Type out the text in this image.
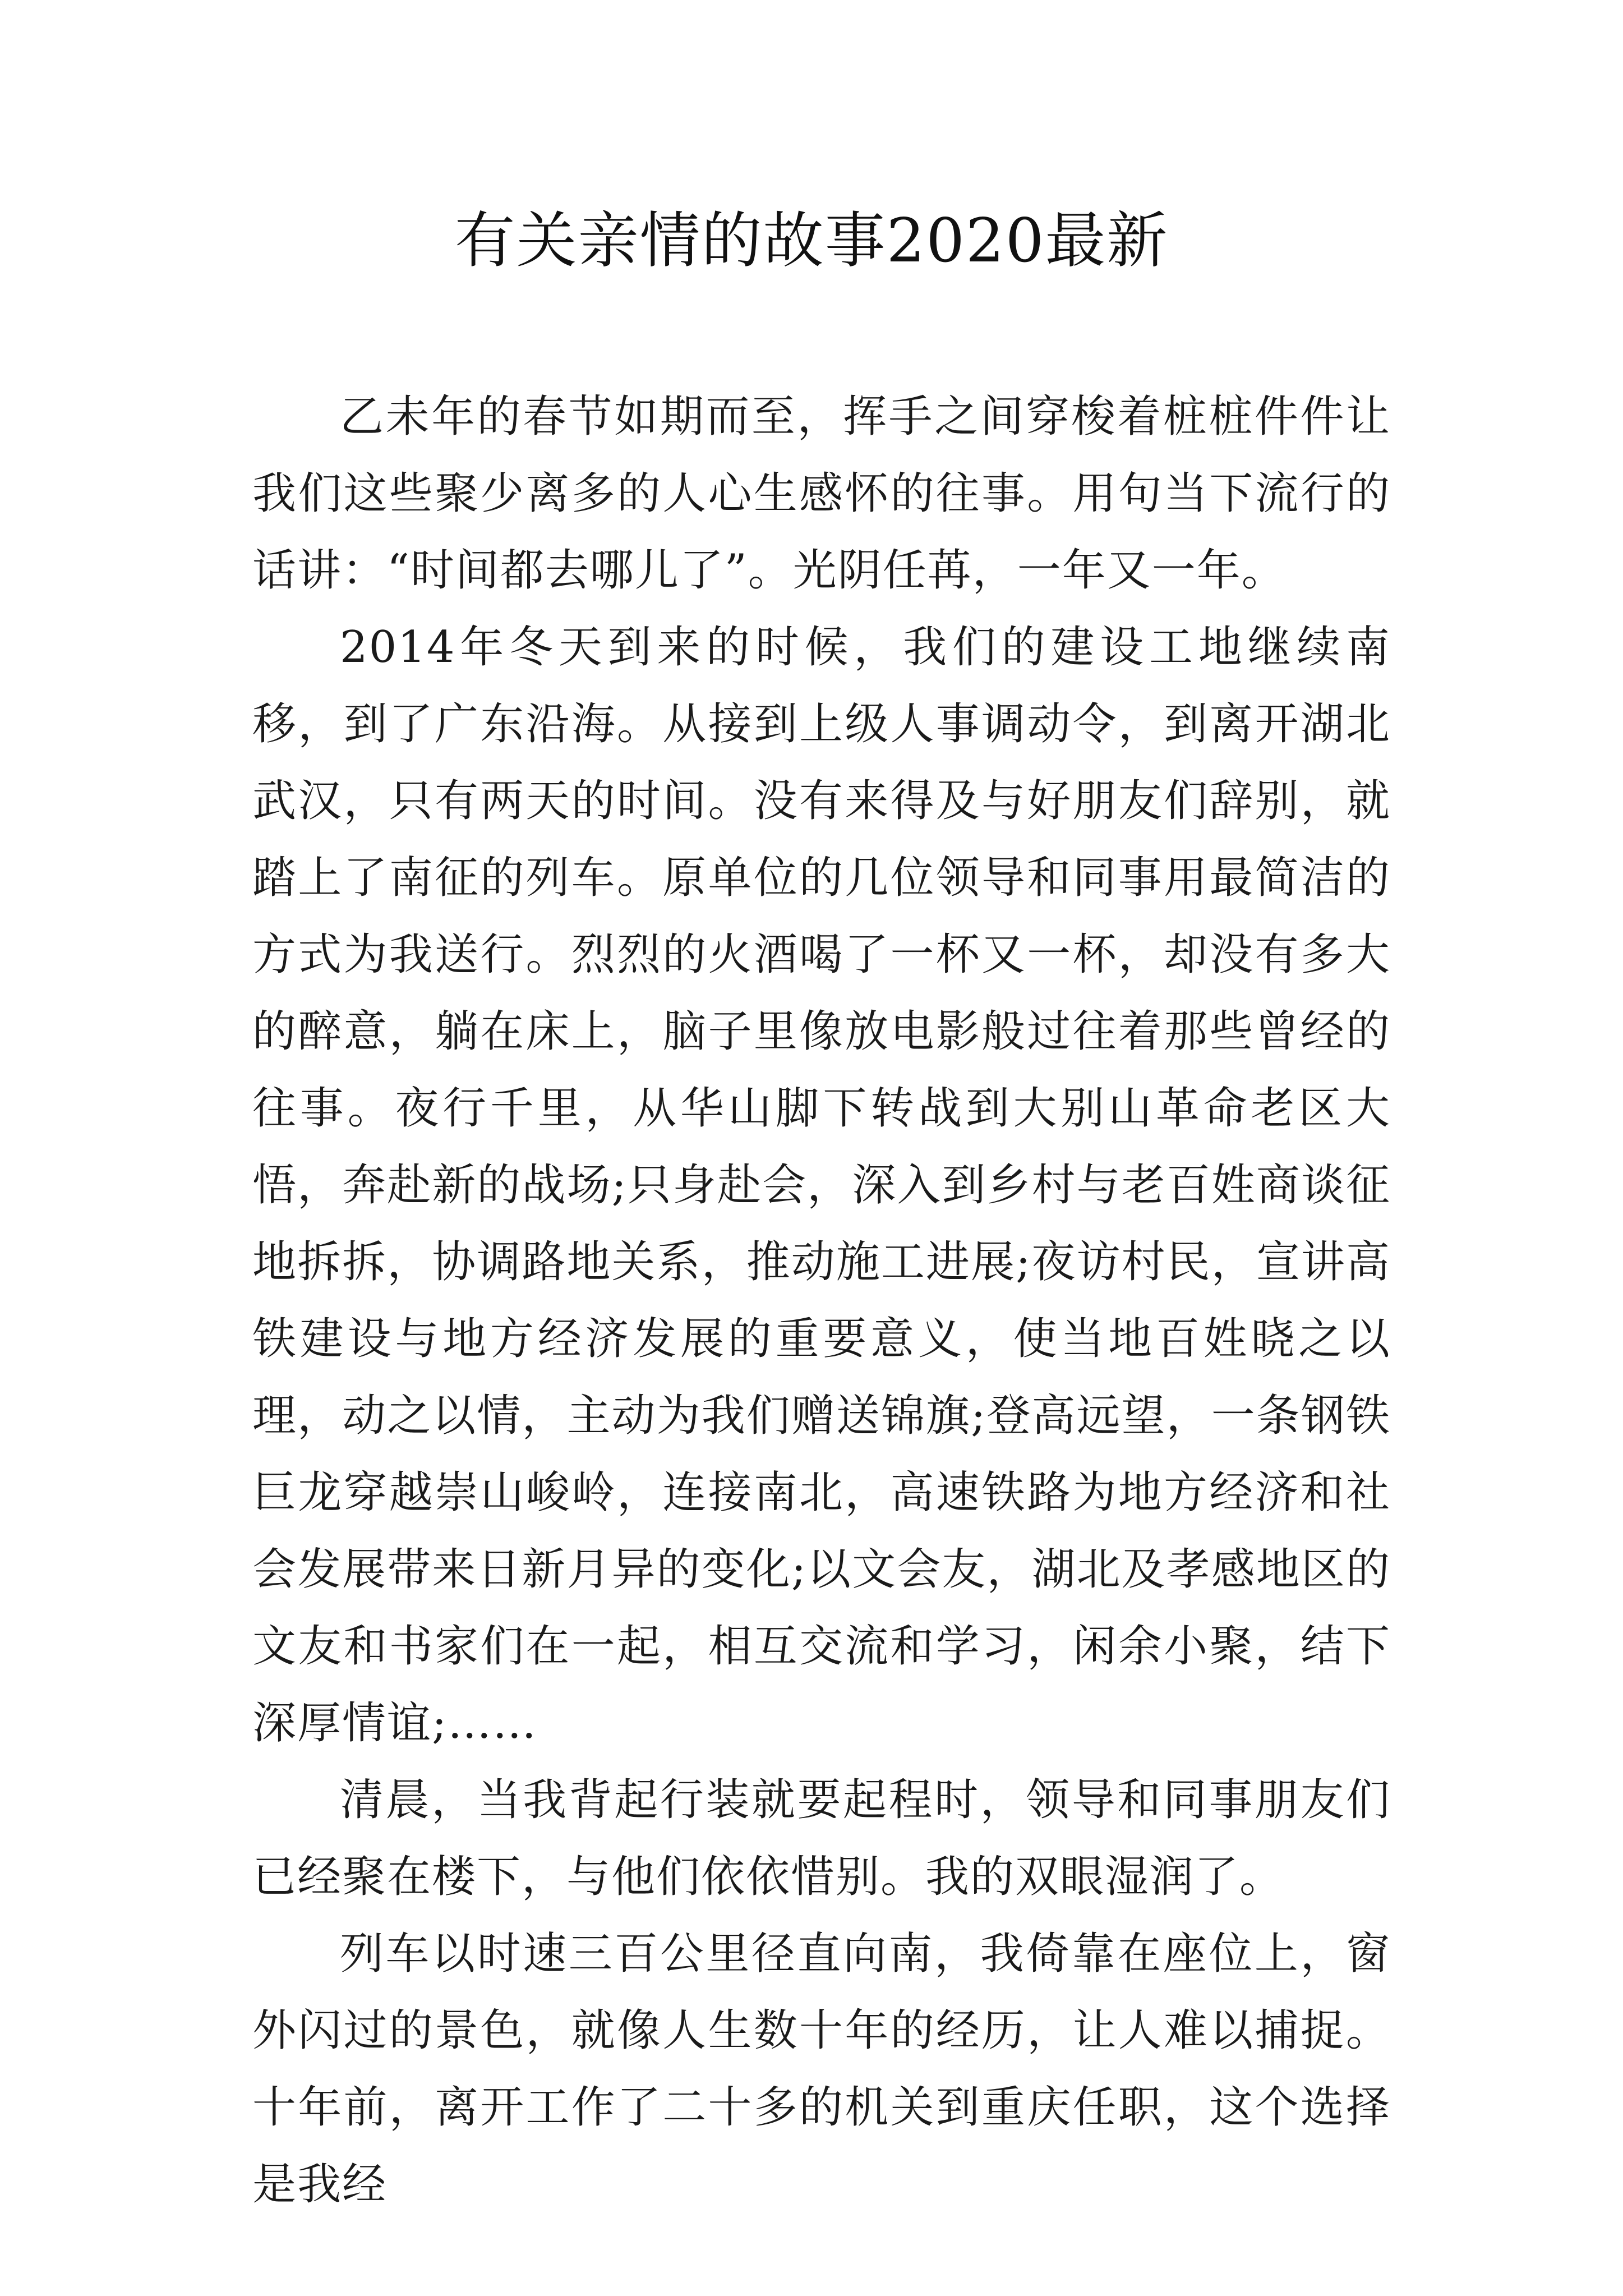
有关亲情的故事2020最新

乙未年的春节如期而至，挥手之间穿梭着桩桩件件让我们这些聚少离多的人心生感怀的往事。用句当下流行的话讲：“时间都去哪儿了”。光阴任苒，一年又一年。

2014年冬天到来的时候，我们的建设工地继续南移，到了广东沿海。从接到上级人事调动令，到离开湖北武汉，只有两天的时间。没有来得及与好朋友们辞别，就踏上了南征的列车。原单位的几位领导和同事用最简洁的方式为我送行。烈烈的火酒喝了一杯又一杯，却没有多大的醉意，躺在床上，脑子里像放电影般过往着那些曾经的往事。夜行千里，从华山脚下转战到大别山革命老区大悟，奔赴新的战场;只身赴会，深入到乡村与老百姓商谈征地拆拆，协调路地关系，推动施工进展;夜访村民，宣讲高铁建设与地方经济发展的重要意义，使当地百姓晓之以理，动之以情，主动为我们赠送锦旗;登高远望，一条钢铁巨龙穿越崇山峻岭，连接南北，高速铁路为地方经济和社会发展带来日新月异的变化;以文会友，湖北及孝感地区的文友和书家们在一起，相互交流和学习，闲余小聚，结下深厚情谊;……

清晨，当我背起行装就要起程时，领导和同事朋友们已经聚在楼下，与他们依依惜别。我的双眼湿润了。

列车以时速三百公里径直向南，我倚靠在座位上，窗外闪过的景色，就像人生数十年的经历，让人难以捕捉。十年前，离开工作了二十多的机关到重庆任职，这个选择是我经
